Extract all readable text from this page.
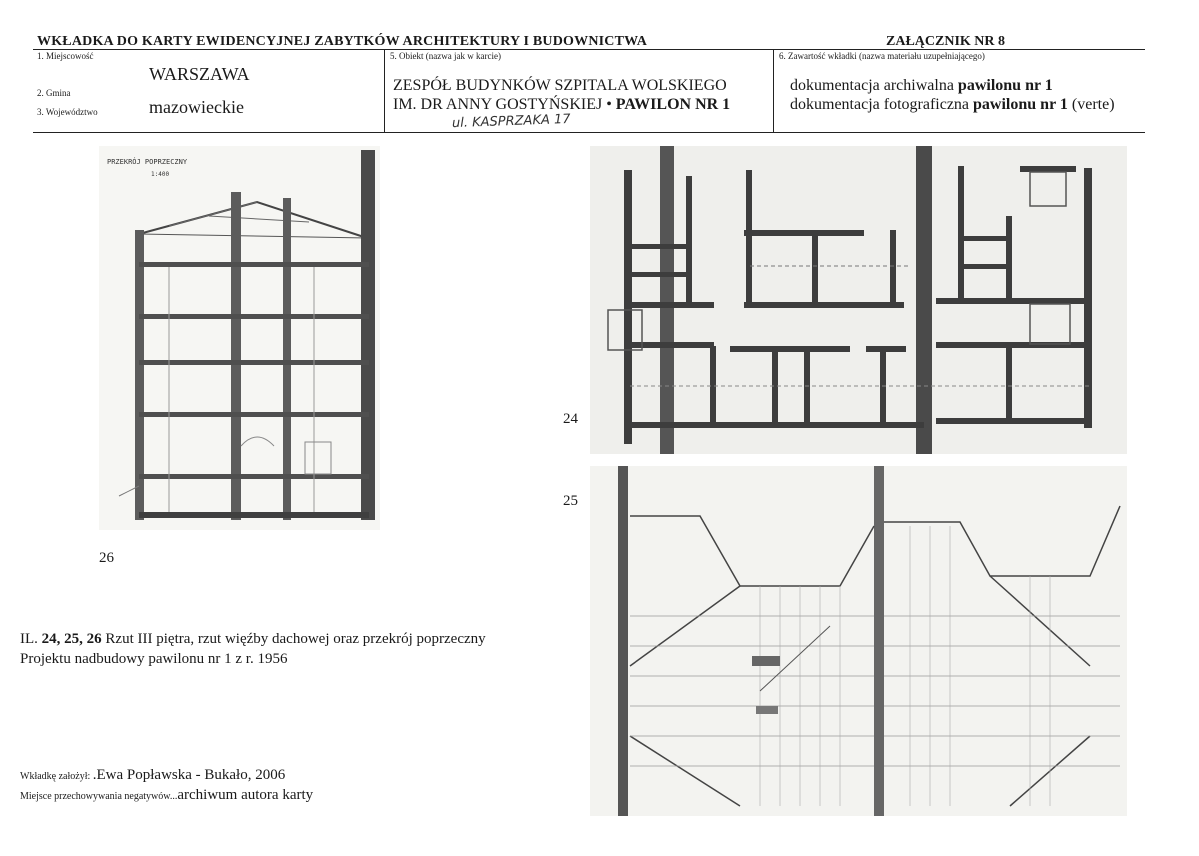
WKŁADKA DO KARTY EWIDENCYJNEJ ZABYTKÓW ARCHITEKTURY I BUDOWNICTWA	ZAŁĄCZNIK NR 8
1. Miejscowość
2. Gmina
3. Województwo
WARSZAWA
mazowieckie
5. Obiekt (nazwa jak w karcie)
ZESPÓŁ BUDYNKÓW SZPITALA WOLSKIEGO
IM. DR ANNY GOSTYŃSKIEJ • PAWILON NR 1
ul. KASPRZAKA 17
6. Zawartość wkładki (nazwa materiału uzupełniającego)
dokumentacja archiwalna pawilonu nr 1
dokumentacja fotograficzna pawilonu nr 1 (verte)
PRZEKRÓJ POPRZECZNY
1:400
24
25
26
IL. 24, 25, 26 Rzut III piętra, rzut więźby dachowej oraz przekrój poprzeczny
Projektu nadbudowy pawilonu nr 1 z r. 1956
Wkładkę założył: .Ewa Popławska - Bukało, 2006
Miejsce przechowywania negatywów...archiwum autora karty
